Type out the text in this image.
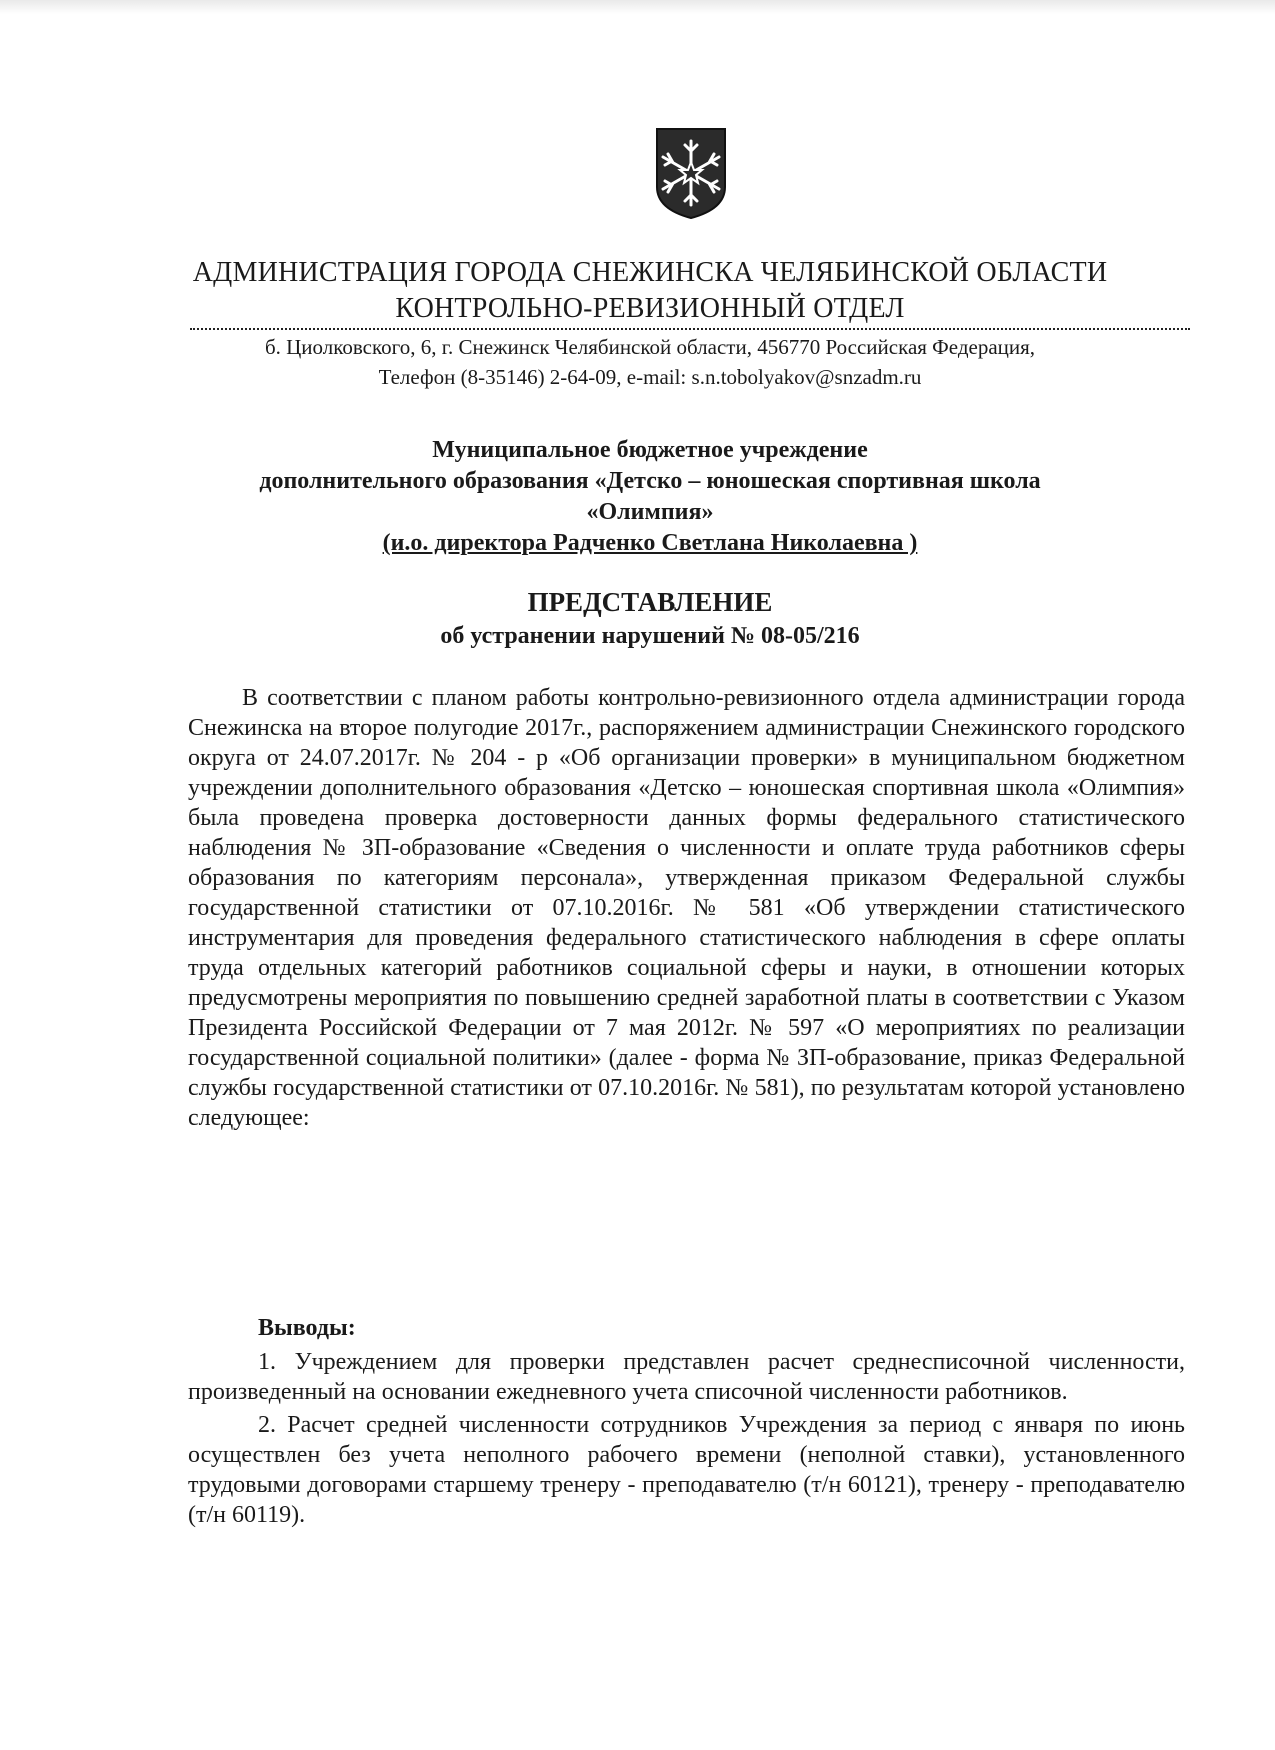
АДМИНИСТРАЦИЯ ГОРОДА СНЕЖИНСКА ЧЕЛЯБИНСКОЙ ОБЛАСТИ
КОНТРОЛЬНО-РЕВИЗИОННЫЙ ОТДЕЛ
б. Циолковского, 6, г. Снежинск Челябинской области, 456770 Российская Федерация,
Телефон (8-35146) 2-64-09, e-mail: s.n.tobolyakov@snzadm.ru
Муниципальное бюджетное учреждение
дополнительного образования «Детско – юношеская спортивная школа
«Олимпия»
(и.о. директора Радченко Светлана Николаевна )
ПРЕДСТАВЛЕНИЕ
об устранении нарушений № 08-05/216

В соответствии с планом работы контрольно-ревизионного отдела администрации города Снежинска на второе полугодие 2017г., распоряжением администрации Снежинского городского округа от 24.07.2017г. № 204 - р «Об организации проверки» в муниципальном бюджетном учреждении дополнительного образования «Детско – юношеская спортивная школа «Олимпия» была проведена проверка достоверности данных формы федерального статистического наблюдения № ЗП-образование «Сведения о численности и оплате труда работников сферы образования по категориям персонала», утвержденная приказом Федеральной службы государственной статистики от 07.10.2016г. № 581 «Об утверждении статистического инструментария для проведения федерального статистического наблюдения в сфере оплаты труда отдельных категорий работников социальной сферы и науки, в отношении которых предусмотрены мероприятия по повышению средней заработной платы в соответствии с Указом Президента Российской Федерации от 7 мая 2012г. № 597 «О мероприятиях по реализации государственной социальной политики» (далее - форма № ЗП-образование, приказ Федеральной службы государственной статистики от 07.10.2016г. № 581), по результатам которой установлено следующее:

Выводы:

1. Учреждением для проверки представлен расчет среднесписочной численности, произведенный на основании ежедневного учета списочной численности работников.

2. Расчет средней численности сотрудников Учреждения за период с января по июнь осуществлен без учета неполного рабочего времени (неполной ставки), установленного трудовыми договорами старшему тренеру - преподавателю (т/н 60121), тренеру - преподавателю (т/н 60119).
